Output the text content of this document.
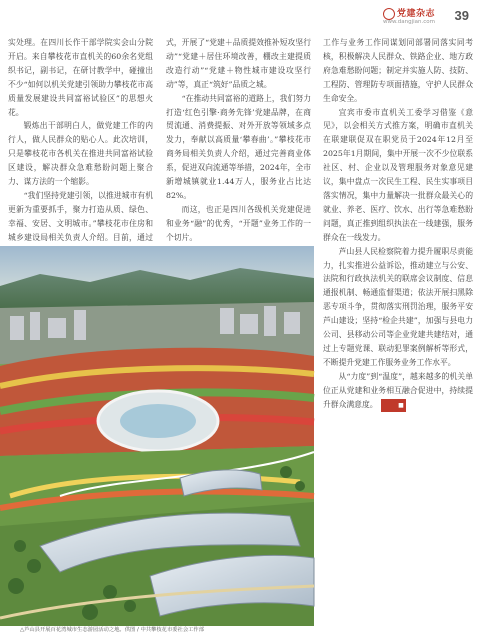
党建杂志
www.dangjian.com 39

实处理。在四川长作干部学院实会山分院开启。来自攀枝花市直机关的60余名党组织书记，副书记，在研讨教学中，碰撞出不少“如何以机关党建引领助力攀枝花市高质量发展建设共同富裕试验区”的思想火花。

锻炼出干部明白人，做党建工作的内行人，做人民群众的贴心人。此次培训，只是攀枝花市各机关在推进共同富裕试验区建设，解决群众急难愁盼问题上聚合力、谋方法的一个缩影。

“我们坚持党建引领，以推进城市有机更新为重要抓手，聚力打造从质、绿色、幸福、安居、文明城市。”攀枝花市住房和城乡建设局相关负责人介绍。目前，通过

式，开展了“党建＋品质提效推补短攻坚行动”“党建＋居住环境改善，棚改主建提质改造行动”“党建＋物性城市建设攻坚行动”等，真正“筑好”品质之城。

“在推动共同富裕的道路上，我们努力打造‘红色引擎·商务先锋’党建品牌，在商贸流通、消费提振、对外开放等领域多点发力，奉献以高质量‘攀春曲’。”攀枝花市商务局相关负责人介绍，通过完善商业体系，促进双向流通等举措，2024年，全市新增城镇就业1.44万人，服务业占比达82%。

而这，也正是四川各级机关党建促进和业务“融”的优秀，“开题”业务工作的一个切片。

工作与业务工作同谋划同部署同落实同考核，积极解决人民群众、铁路企业、地方政府急难愁盼问题；制定并实施人防、技防、工程防、管理防专项面措施，守护人民群众生命安全。

宜宾市委市直机关工委学习借鉴《意见》，以会相关方式推方案，明确市直机关在联建联促双在职党员于2024年12月至2025年1月期间，集中开展一次不少位联系社区、村、企业以及管理服务对象意见建议，集中盘点一次民生工程、民生实事项目落实情况，集中力量解决一批群众最关心的就业、养老、医疗、饮水、出行等急难愁盼问题，真正推到组织执法在一线建强，服务群众在一线发力。

芦山县人民检察院着力提升履职尽责能力，扎实推进公益诉讼，推动建立与公安、法院和行政执法机关的联席会议制度、信息通报机制、畅通监督渠道；依法开展扫黑除恶专项斗争，贯彻落实刑罚治理，服务平安芦山建设；坚持“检企共建”，加强与县电力公司、县移动公司等企业党建共建结对，通过上专题党课、联动犯罪案例解析等形式，不断提升党建工作服务业务工作水平。

从“力度”到“温度”，越来越多的机关单位正从党建和业务相互融合促进中，持续提升群众满意度。	■

△芦山县开展百花湾城市生态游园活动之地。供图 / 中共攀枝花市委社会工作部
